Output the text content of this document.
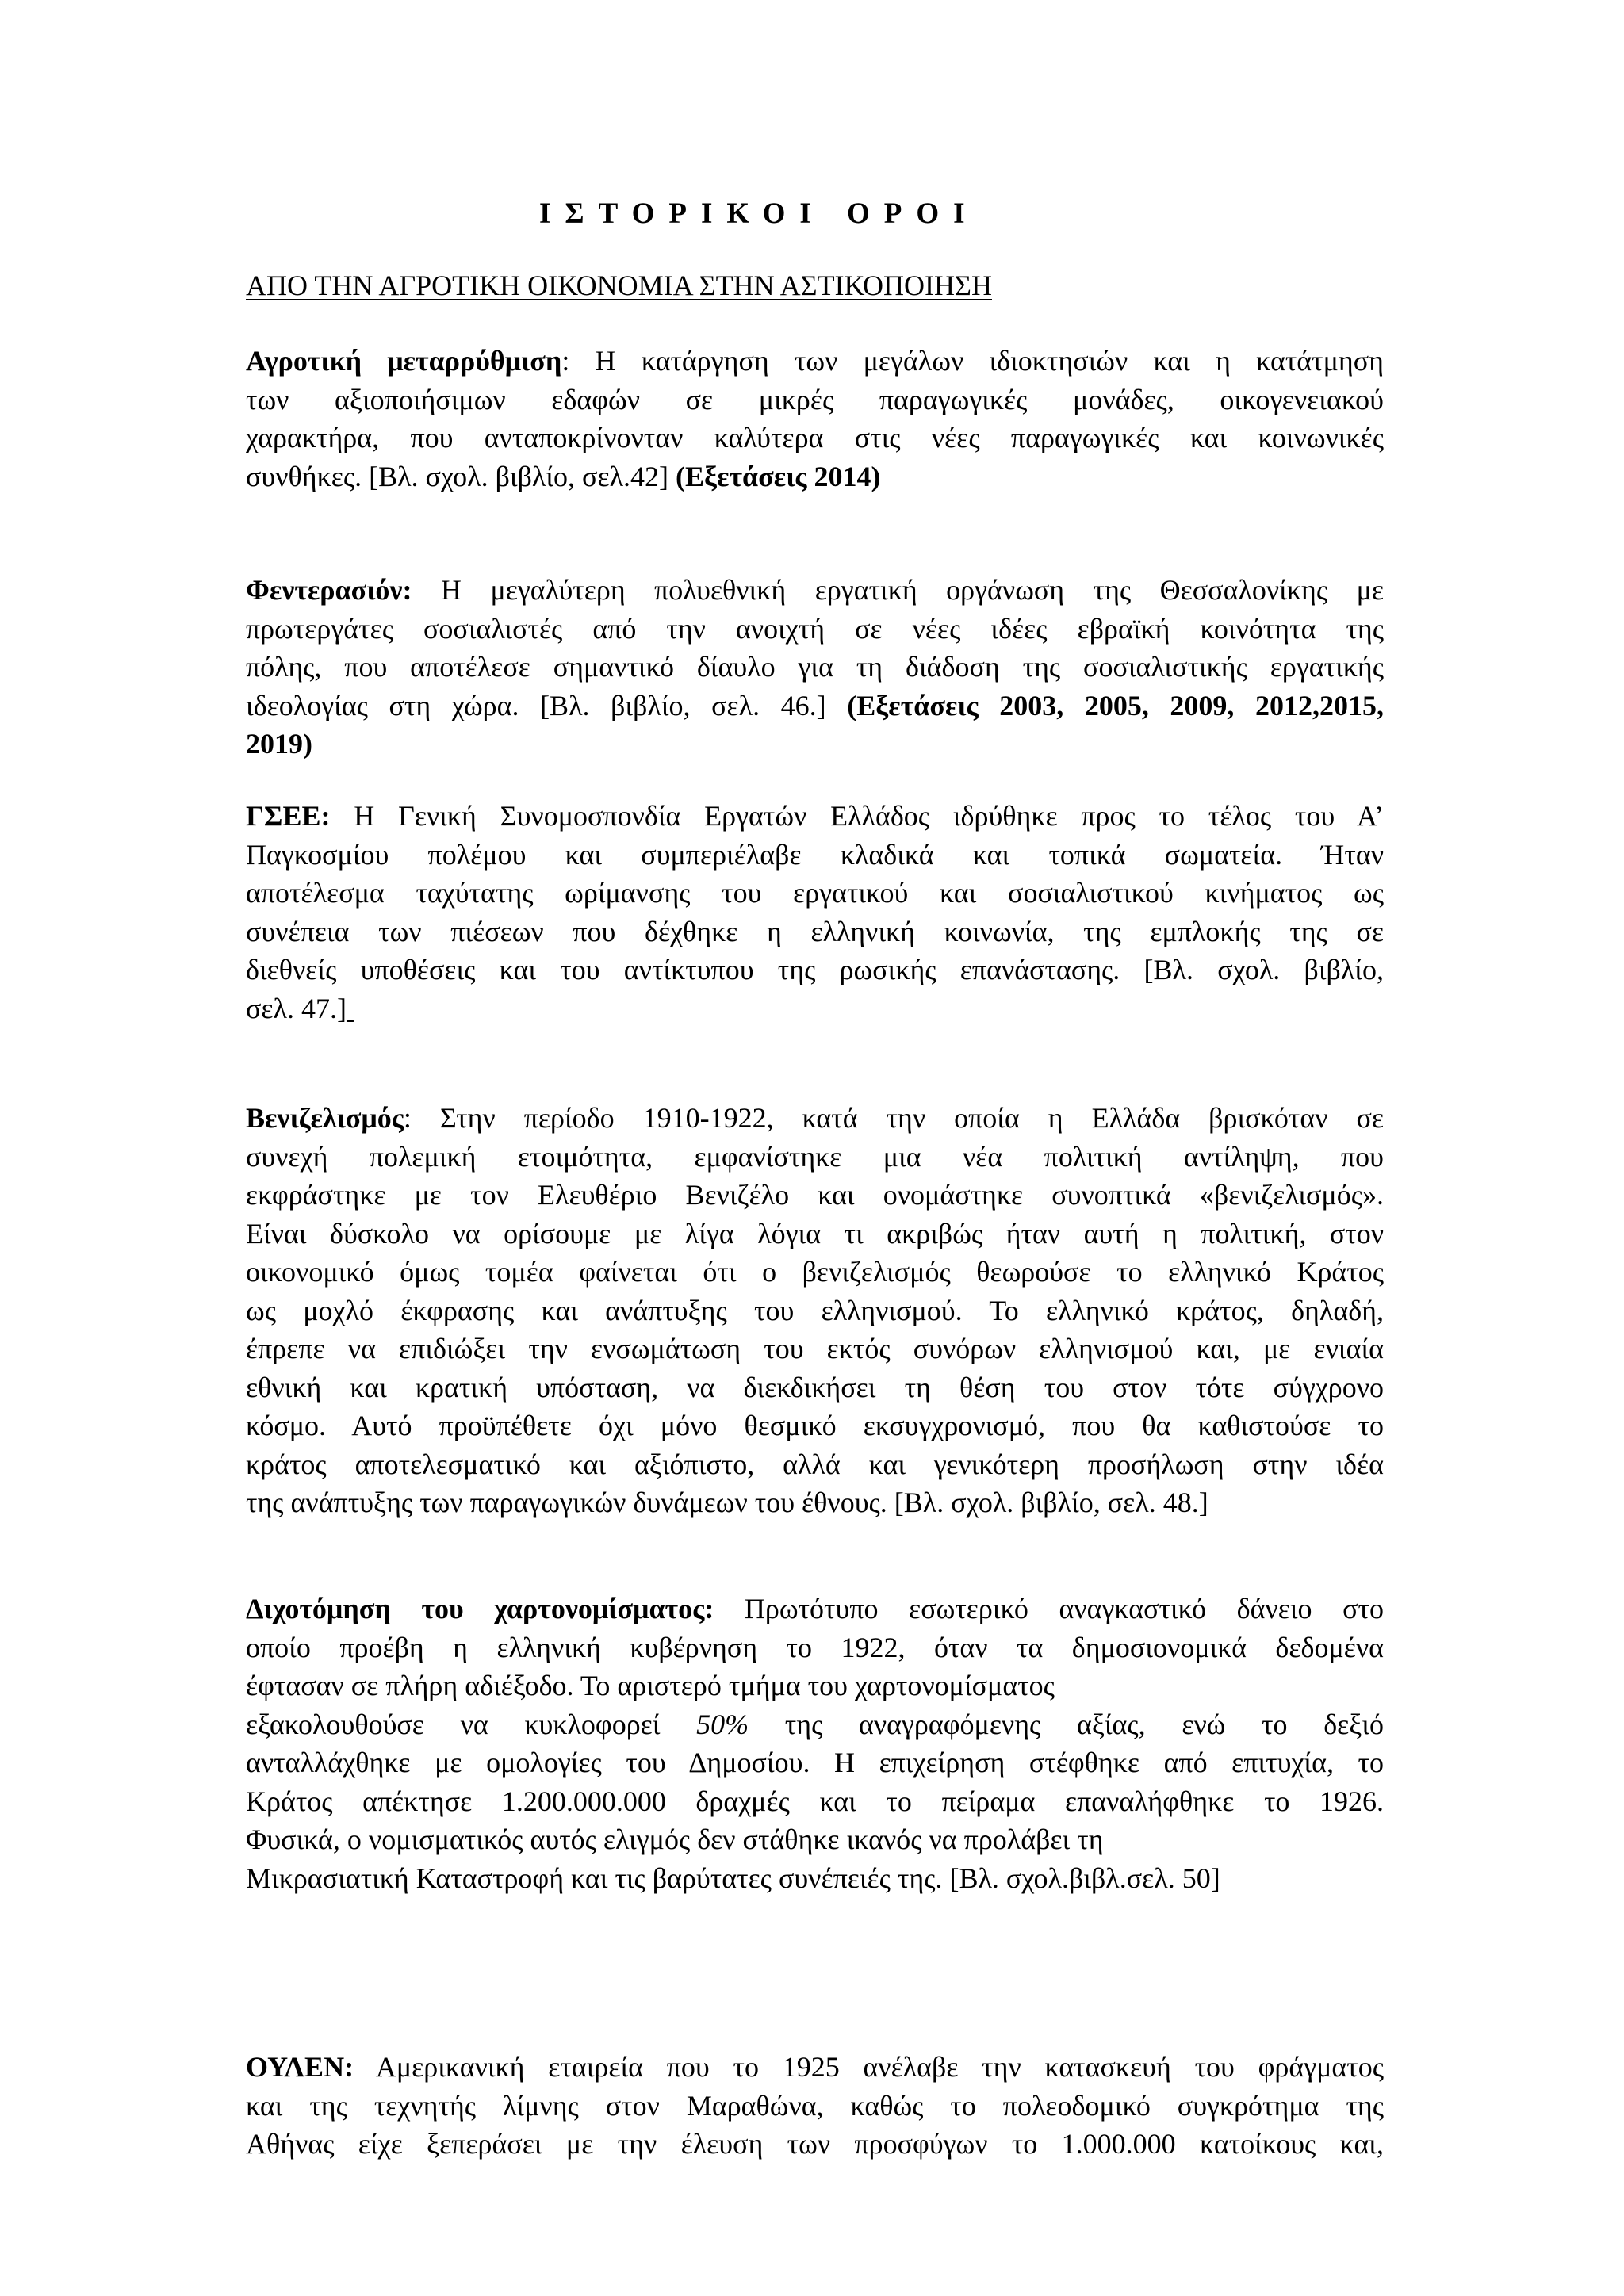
ΙΣΤΟΡΙΚΟΙ ΟΡΟΙ
ΑΠΟ ΤΗΝ ΑΓΡΟΤΙΚΗ ΟΙΚΟΝΟΜΙΑ ΣΤΗΝ ΑΣΤΙΚΟΠΟΙΗΣΗ
Αγροτική μεταρρύθμιση: Η κατάργηση των μεγάλων ιδιοκτησιών και η κατάτμηση
των αξιοποιήσιμων εδαφών σε μικρές παραγωγικές μονάδες, οικογενειακού
χαρακτήρα, που ανταποκρίνονταν καλύτερα στις νέες παραγωγικές και κοινωνικές
συνθήκες. [Βλ. σχολ. βιβλίο, σελ.42] (Εξετάσεις 2014)
Φεντερασιόν: Η μεγαλύτερη πολυεθνική εργατική οργάνωση της Θεσσαλονίκης με
πρωτεργάτες σοσιαλιστές από την ανοιχτή σε νέες ιδέες εβραϊκή κοινότητα της
πόλης, που αποτέλεσε σημαντικό δίαυλο για τη διάδοση της σοσιαλιστικής εργατικής
ιδεολογίας στη χώρα. [Βλ. βιβλίο, σελ. 46.] (Εξετάσεις 2003, 2005, 2009, 2012,2015,
2019)
ΓΣΕΕ: Η Γενική Συνομοσπονδία Εργατών Ελλάδος ιδρύθηκε προς το τέλος του Α’
Παγκοσμίου πολέμου και συμπεριέλαβε κλαδικά και τοπικά σωματεία. Ήταν
αποτέλεσμα ταχύτατης ωρίμανσης του εργατικού και σοσιαλιστικού κινήματος ως
συνέπεια των πιέσεων που δέχθηκε η ελληνική κοινωνία, της εμπλοκής της σε
διεθνείς υποθέσεις και του αντίκτυπου της ρωσικής επανάστασης. [Βλ. σχολ. βιβλίο,
σελ. 47.]
Βενιζελισμός: Στην περίοδο 1910-1922, κατά την οποία η Ελλάδα βρισκόταν σε
συνεχή πολεμική ετοιμότητα, εμφανίστηκε μια νέα πολιτική αντίληψη, που
εκφράστηκε με τον Ελευθέριο Βενιζέλο και ονομάστηκε συνοπτικά «βενιζελισμός».
Είναι δύσκολο να ορίσουμε με λίγα λόγια τι ακριβώς ήταν αυτή η πολιτική, στον
οικονομικό όμως τομέα φαίνεται ότι ο βενιζελισμός θεωρούσε το ελληνικό Κράτος
ως μοχλό έκφρασης και ανάπτυξης του ελληνισμού. Το ελληνικό κράτος, δηλαδή,
έπρεπε να επιδιώξει την ενσωμάτωση του εκτός συνόρων ελληνισμού και, με ενιαία
εθνική και κρατική υπόσταση, να διεκδικήσει τη θέση του στον τότε σύγχρονο
κόσμο. Αυτό προϋπέθετε όχι μόνο θεσμικό εκσυγχρονισμό, που θα καθιστούσε το
κράτος αποτελεσματικό και αξιόπιστο, αλλά και γενικότερη προσήλωση στην ιδέα
της ανάπτυξης των παραγωγικών δυνάμεων του έθνους. [Βλ. σχολ. βιβλίο, σελ. 48.]
Διχοτόμηση του χαρτονομίσματος: Πρωτότυπο εσωτερικό αναγκαστικό δάνειο στο
οποίο προέβη η ελληνική κυβέρνηση το 1922, όταν τα δημοσιονομικά δεδομένα
έφτασαν σε πλήρη αδιέξοδο. Το αριστερό τμήμα του χαρτονομίσματος
εξακολουθούσε να κυκλοφορεί 50% της αναγραφόμενης αξίας, ενώ το δεξιό
ανταλλάχθηκε με ομολογίες του Δημοσίου. Η επιχείρηση στέφθηκε από επιτυχία, το
Κράτος απέκτησε 1.200.000.000 δραχμές και το πείραμα επαναλήφθηκε το 1926.
Φυσικά, ο νομισματικός αυτός ελιγμός δεν στάθηκε ικανός να προλάβει τη
Μικρασιατική Καταστροφή και τις βαρύτατες συνέπειές της. [Βλ. σχολ.βιβλ.σελ. 50]
ΟΥΛΕΝ: Αμερικανική εταιρεία που το 1925 ανέλαβε την κατασκευή του φράγματος
και της τεχνητής λίμνης στον Μαραθώνα, καθώς το πολεοδομικό συγκρότημα της
Αθήνας είχε ξεπεράσει με την έλευση των προσφύγων το 1.000.000 κατοίκους και,
